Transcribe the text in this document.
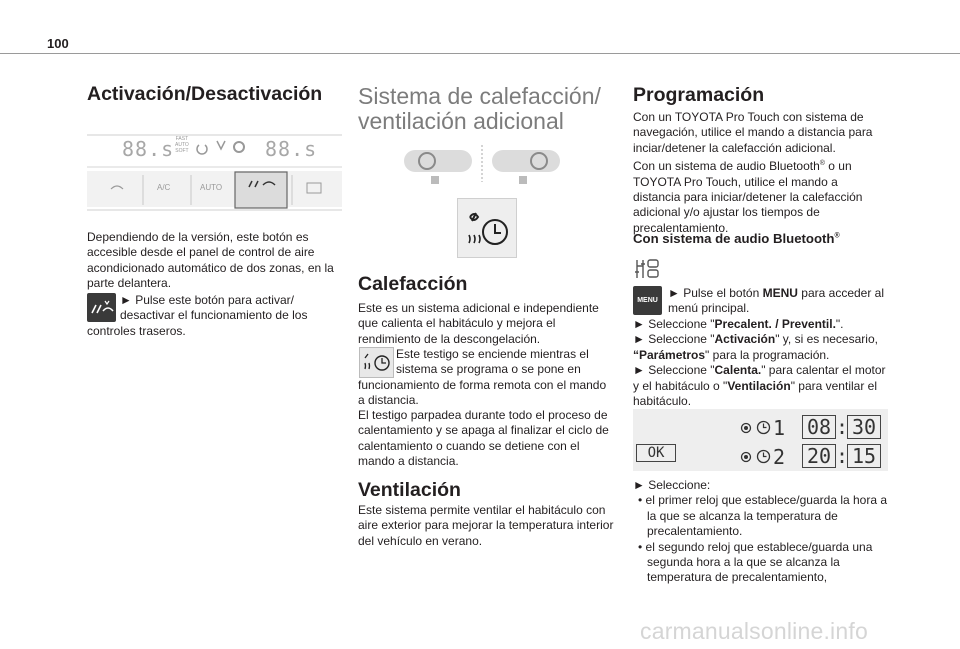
100
Activación/Desactivación
88.s	88.s
FAST
AUTO
SOFT
A/C	AUTO

Dependiendo de la versión, este botón es accesible desde el panel de control de aire acondicionado automático de dos zonas, en la parte delantera.

► Pulse este botón para activar/
desactivar el funcionamiento de los
controles traseros.
Sistema de calefacción/
ventilación adicional
Calefacción

Este es un sistema adicional e independiente que calienta el habitáculo y mejora el rendimiento de la descongelación.

Este testigo se enciende mientras el
sistema se programa o se pone en

funcionamiento de forma remota con el mando a distancia.

El testigo parpadea durante todo el proceso de calentamiento y se apaga al finalizar el ciclo de calentamiento o cuando se detiene con el mando a distancia.

Ventilación

Este sistema permite ventilar el habitáculo con aire exterior para mejorar la temperatura interior del vehículo en verano.

Programación

Con un TOYOTA Pro Touch con sistema de navegación, utilice el mando a distancia para inciar/detener la calefacción adicional.

Con un sistema de audio Bluetooth® o un TOYOTA Pro Touch, utilice el mando a distancia para iniciar/detener la calefacción adicional y/o ajustar los tiempos de precalentamiento.

Con sistema de audio Bluetooth®
MENU
► Pulse el botón MENU para acceder al
menú principal.

► Seleccione "Precalent. / Preventil.".

► Seleccione "Activación" y, si es necesario, “Parámetros" para la programación.

► Seleccione "Calenta." para calentar el motor y el habitáculo o "Ventilación" para ventilar el habitáculo.

OK
1 08 : 30
2 20 : 15

► Seleccione:

• el primer reloj que establece/guarda la hora a la que se alcanza la temperatura de precalentamiento.

• el segundo reloj que establece/guarda una segunda hora a la que se alcanza la temperatura de precalentamiento,

carmanualsonline.info
